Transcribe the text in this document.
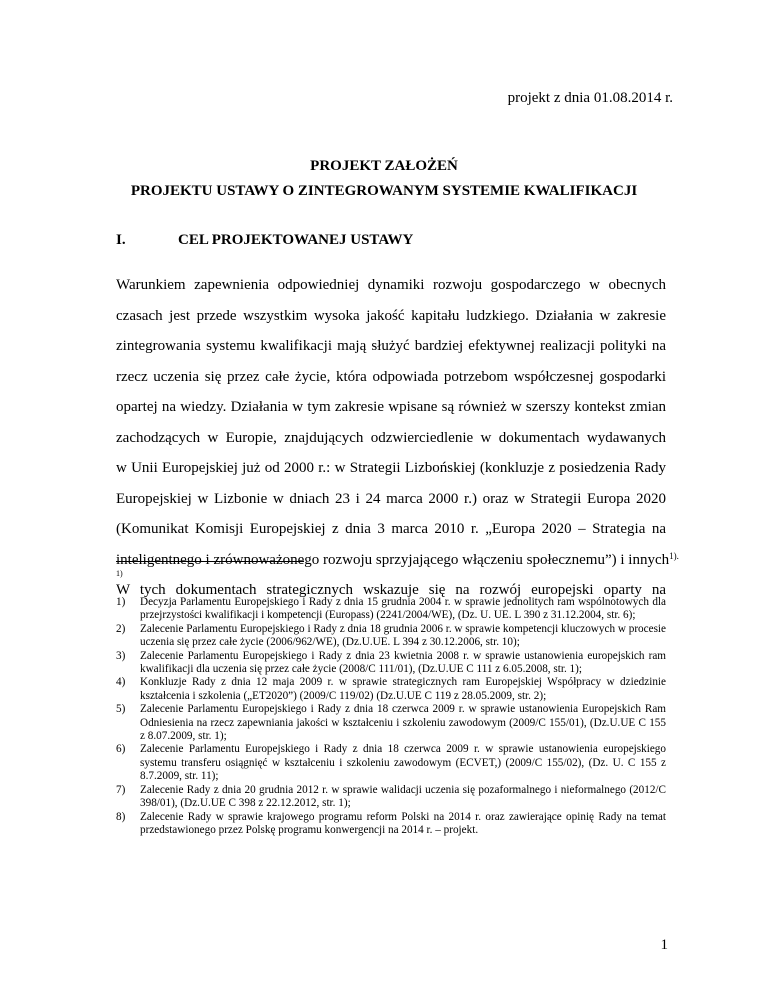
projekt z dnia 01.08.2014 r.
PROJEKT ZAŁOŻEŃ
PROJEKTU USTAWY O ZINTEGROWANYM SYSTEMIE KWALIFIKACJI
I.	CEL PROJEKTOWANEJ USTAWY
Warunkiem zapewnienia odpowiedniej dynamiki rozwoju gospodarczego w obecnych
czasach jest przede wszystkim wysoka jakość kapitału ludzkiego. Działania w zakresie
zintegrowania systemu kwalifikacji mają służyć bardziej efektywnej realizacji polityki na
rzecz uczenia się przez całe życie, która odpowiada potrzebom współczesnej gospodarki
opartej na wiedzy. Działania w tym zakresie wpisane są również w szerszy kontekst zmian
zachodzących w Europie, znajdujących odzwierciedlenie w dokumentach wydawanych
w Unii Europejskiej już od 2000 r.: w Strategii Lizbońskiej (konkluzje z posiedzenia Rady
Europejskiej w Lizbonie w dniach 23 i 24 marca 2000 r.) oraz w Strategii Europa 2020
(Komunikat Komisji Europejskiej z dnia 3 marca 2010 r. „Europa 2020 – Strategia na
inteligentnego i zrównoważonego rozwoju sprzyjającego włączeniu społecznemu”) i innych$^{1).}$
W tych dokumentach strategicznych wskazuje się na rozwój europejski oparty na
1)
1)	Decyzja Parlamentu Europejskiego i Rady z dnia 15 grudnia 2004 r. w sprawie jednolitych ram wspólnotowych dla przejrzystości kwalifikacji i kompetencji (Europass) (2241/2004/WE), (Dz. U. UE. L 390 z 31.12.2004, str. 6);
2)	Zalecenie Parlamentu Europejskiego i Rady z dnia 18 grudnia 2006 r. w sprawie kompetencji kluczowych w procesie uczenia się przez całe życie (2006/962/WE), (Dz.U.UE. L 394 z 30.12.2006, str. 10);
3)	Zalecenie Parlamentu Europejskiego i Rady z dnia 23 kwietnia 2008 r. w sprawie ustanowienia europejskich ram kwalifikacji dla uczenia się przez całe życie (2008/C 111/01), (Dz.U.UE C 111 z 6.05.2008, str. 1);
4)	Konkluzje Rady z dnia 12 maja 2009 r. w sprawie strategicznych ram Europejskiej Współpracy w dziedzinie kształcenia i szkolenia („ET2020”) (2009/C 119/02) (Dz.U.UE C 119 z 28.05.2009, str. 2);
5)	Zalecenie Parlamentu Europejskiego i Rady z dnia 18 czerwca 2009 r. w sprawie ustanowienia Europejskich Ram Odniesienia na rzecz zapewniania jakości w kształceniu i szkoleniu zawodowym (2009/C 155/01), (Dz.U.UE C 155 z 8.07.2009, str. 1);
6)	Zalecenie Parlamentu Europejskiego i Rady z dnia 18 czerwca 2009 r. w sprawie ustanowienia europejskiego systemu transferu osiągnięć w kształceniu i szkoleniu zawodowym (ECVET,) (2009/C 155/02), (Dz. U. C 155 z 8.7.2009, str. 11);
7)	Zalecenie Rady z dnia 20 grudnia 2012 r. w sprawie walidacji uczenia się pozaformalnego i nieformalnego (2012/C 398/01), (Dz.U.UE C 398 z 22.12.2012, str. 1);
8)	Zalecenie Rady w sprawie krajowego programu reform Polski na 2014 r. oraz zawierające opinię Rady na temat przedstawionego przez Polskę programu konwergencji na 2014 r. – projekt.
1
